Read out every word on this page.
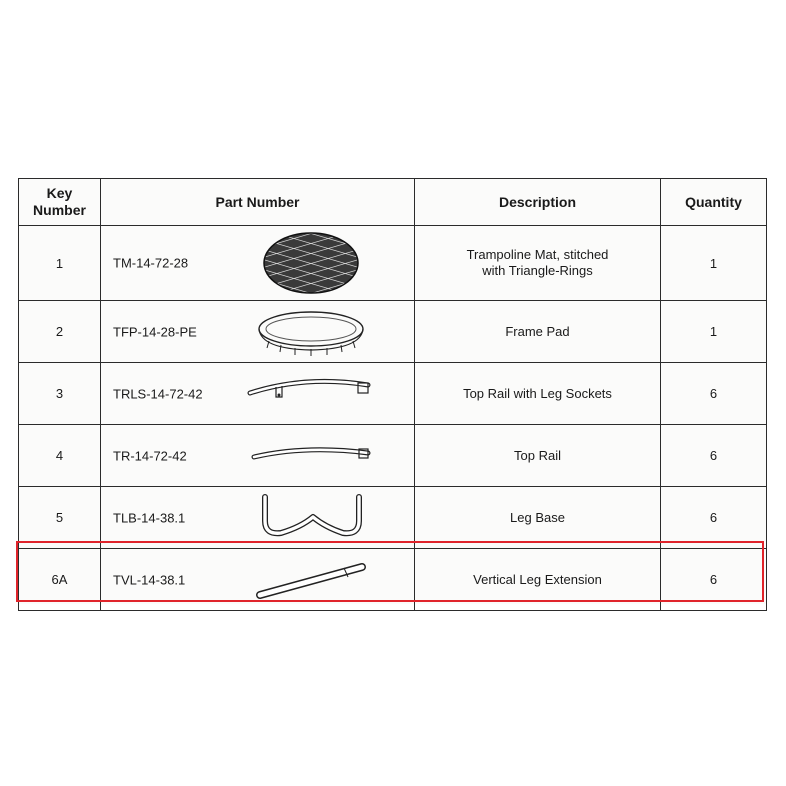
Key Number	Part Number	Description	Quantity
1	TM-14-72-28	Trampoline Mat, stitched with Triangle-Rings	1
2	TFP-14-28-PE	Frame Pad	1
3	TRLS-14-72-42	Top Rail with Leg Sockets	6
4	TR-14-72-42	Top Rail	6
5	TLB-14-38.1	Leg Base	6
6A	TVL-14-38.1	Vertical Leg Extension	6
